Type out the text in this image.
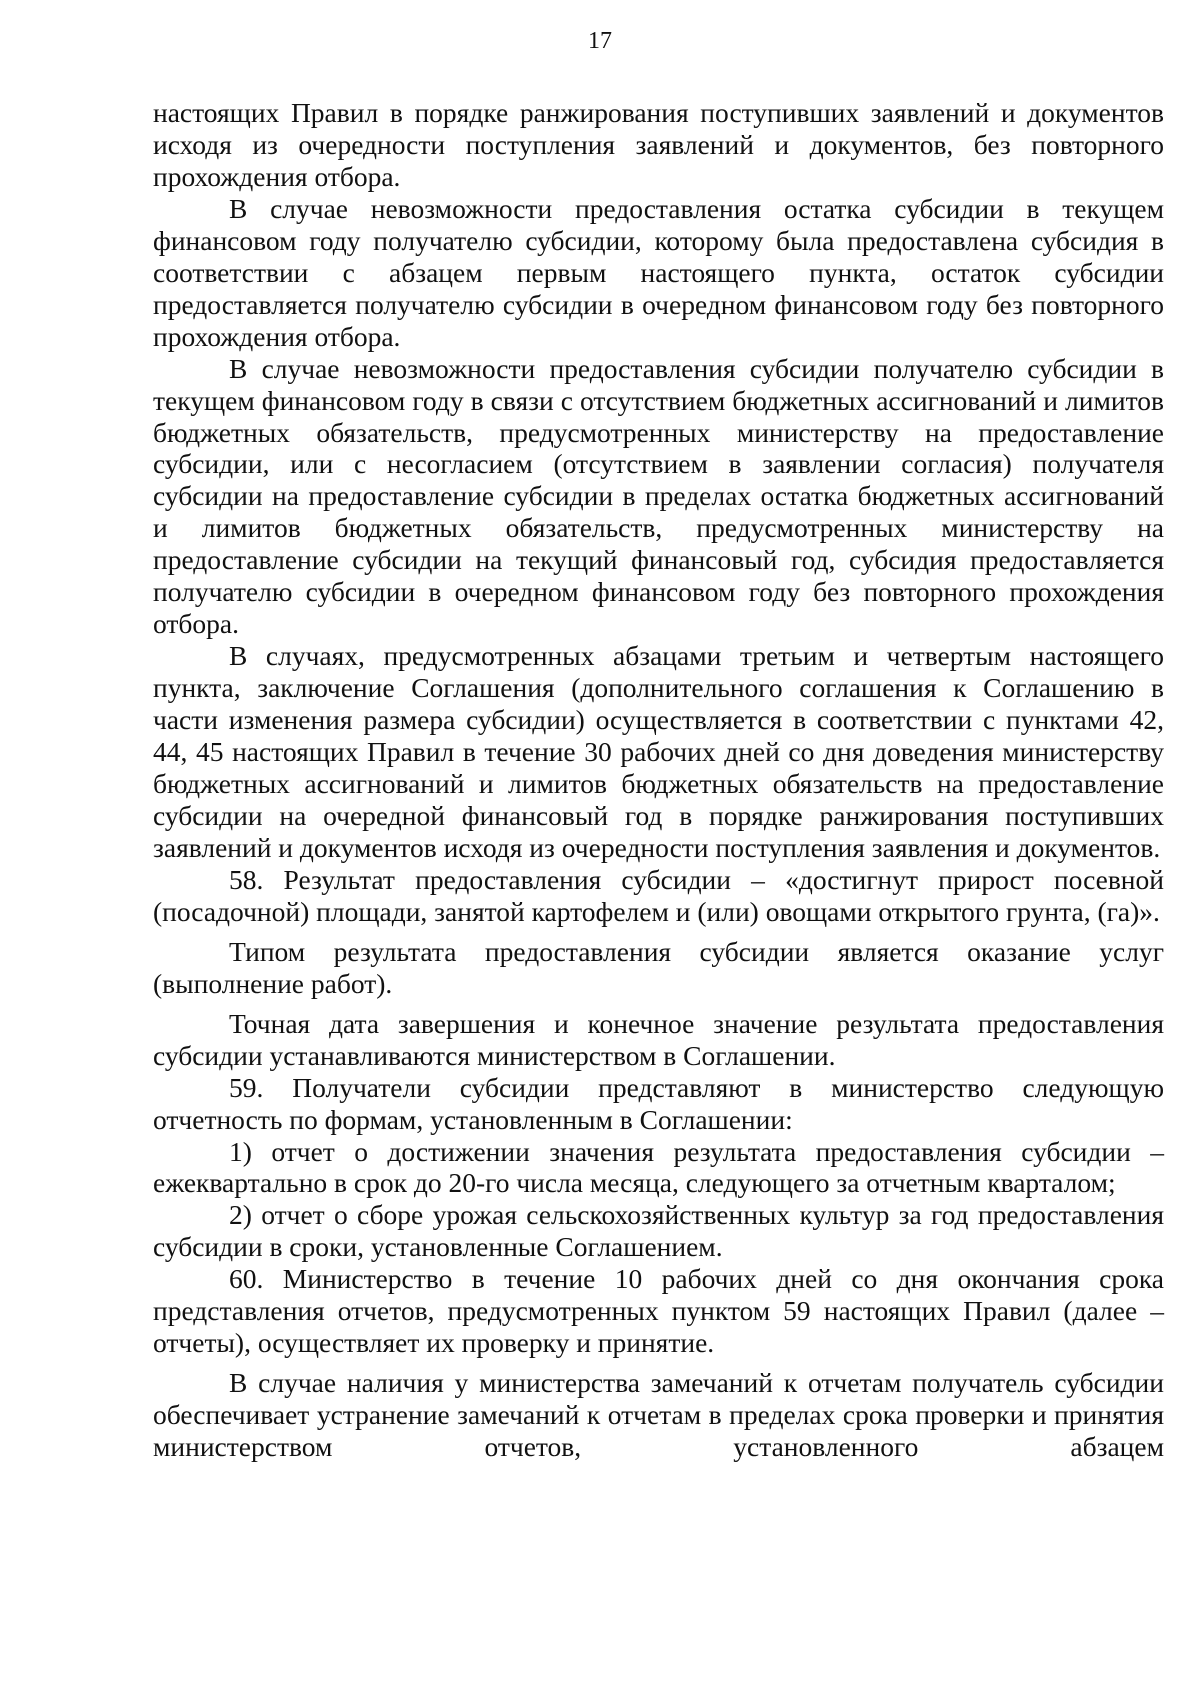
17

настоящих Правил в порядке ранжирования поступивших заявлений и документов исходя из очередности поступления заявлений и документов, без повторного прохождения отбора.

В случае невозможности предоставления остатка субсидии в текущем финансовом году получателю субсидии, которому была предоставлена субсидия в соответствии с абзацем первым настоящего пункта, остаток субсидии предоставляется получателю субсидии в очередном финансовом году без повторного прохождения отбора.

В случае невозможности предоставления субсидии получателю субсидии в текущем финансовом году в связи с отсутствием бюджетных ассигнований и лимитов бюджетных обязательств, предусмотренных министерству на предоставление субсидии, или с несогласием (отсутствием в заявлении согласия) получателя субсидии на предоставление субсидии в пределах остатка бюджетных ассигнований и лимитов бюджетных обязательств, предусмотренных министерству на предоставление субсидии на текущий финансовый год, субсидия предоставляется получателю субсидии в очередном финансовом году без повторного прохождения отбора.

В случаях, предусмотренных абзацами третьим и четвертым настоящего пункта, заключение Соглашения (дополнительного соглашения к Соглашению в части изменения размера субсидии) осуществляется в соответствии с пунктами 42, 44, 45 настоящих Правил в течение 30 рабочих дней со дня доведения министерству бюджетных ассигнований и лимитов бюджетных обязательств на предоставление субсидии на очередной финансовый год в порядке ранжирования поступивших заявлений и документов исходя из очередности поступления заявления и документов.

58. Результат предоставления субсидии – «достигнут прирост посевной (посадочной) площади, занятой картофелем и (или) овощами открытого грунта, (га)».

Типом результата предоставления субсидии является оказание услуг (выполнение работ).

Точная дата завершения и конечное значение результата предоставления субсидии устанавливаются министерством в Соглашении.

59. Получатели субсидии представляют в министерство следующую отчетность по формам, установленным в Соглашении:

1) отчет о достижении значения результата предоставления субсидии – ежеквартально в срок до 20-го числа месяца, следующего за отчетным кварталом;

2) отчет о сборе урожая сельскохозяйственных культур за год предоставления субсидии в сроки, установленные Соглашением.

60. Министерство в течение 10 рабочих дней со дня окончания срока представления отчетов, предусмотренных пунктом 59 настоящих Правил (далее – отчеты), осуществляет их проверку и принятие.

В случае наличия у министерства замечаний к отчетам получатель субсидии обеспечивает устранение замечаний к отчетам в пределах срока проверки и принятия министерством отчетов, установленного абзацем
